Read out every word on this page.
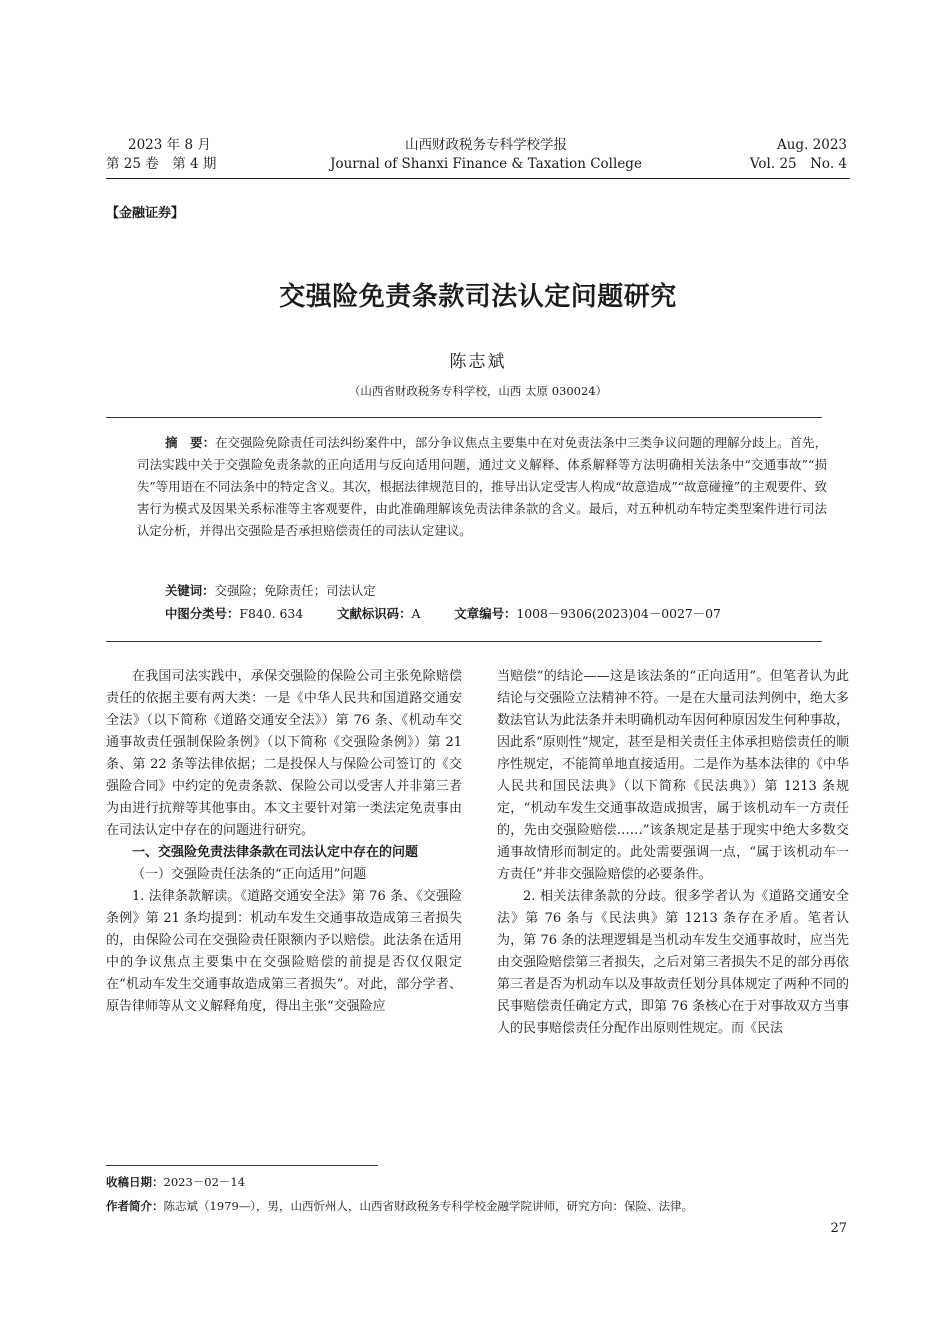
2023 年 8 月
第 25 卷　第 4 期
山西财政税务专科学校学报
Journal of Shanxi Finance & Taxation College
Aug. 2023
Vol. 25　No. 4
【金融证券】
交强险免责条款司法认定问题研究
陈志斌
（山西省财政税务专科学校，山西 太原 030024）
摘　要：在交强险免除责任司法纠纷案件中，部分争议焦点主要集中在对免责法条中三类争议问题的理解分歧上。首先，司法实践中关于交强险免责条款的正向适用与反向适用问题，通过文义解释、体系解释等方法明确相关法条中“交通事故”“损失”等用语在不同法条中的特定含义。其次，根据法律规范目的，推导出认定受害人构成“故意造成”“故意碰撞”的主观要件、致害行为模式及因果关系标准等主客观要件，由此准确理解该免责法律条款的含义。最后，对五种机动车特定类型案件进行司法认定分析，并得出交强险是否承担赔偿责任的司法认定建议。
关键词：交强险；免除责任；司法认定
中图分类号：F840. 634	文献标识码：A	文章编号：1008－9306(2023)04－0027－07

在我国司法实践中，承保交强险的保险公司主张免除赔偿责任的依据主要有两大类：一是《中华人民共和国道路交通安全法》（以下简称《道路交通安全法》）第 76 条、《机动车交通事故责任强制保险条例》（以下简称《交强险条例》）第 21 条、第 22 条等法律依据；二是投保人与保险公司签订的《交强险合同》中约定的免责条款、保险公司以受害人并非第三者为由进行抗辩等其他事由。本文主要针对第一类法定免责事由在司法认定中存在的问题进行研究。

一、交强险免责法律条款在司法认定中存在的问题
（一）交强险责任法条的“正向适用”问题

1. 法律条款解读。《道路交通安全法》第 76 条、《交强险条例》第 21 条均提到：机动车发生交通事故造成第三者损失的，由保险公司在交强险责任限额内予以赔偿。此法条在适用中的争议焦点主要集中在交强险赔偿的前提是否仅仅限定在“机动车发生交通事故造成第三者损失”。对此，部分学者、原告律师等从文义解释角度，得出主张“交强险应

当赔偿”的结论——这是该法条的“正向适用”。但笔者认为此结论与交强险立法精神不符。一是在大量司法判例中，绝大多数法官认为此法条并未明确机动车因何种原因发生何种事故，因此系“原则性”规定，甚至是相关责任主体承担赔偿责任的顺序性规定，不能简单地直接适用。二是作为基本法律的《中华人民共和国民法典》（以下简称《民法典》）第 1213 条规定，“机动车发生交通事故造成损害，属于该机动车一方责任的，先由交强险赔偿……”该条规定是基于现实中绝大多数交通事故情形而制定的。此处需要强调一点，“属于该机动车一方责任”并非交强险赔偿的必要条件。

2. 相关法律条款的分歧。很多学者认为《道路交通安全法》第 76 条与《民法典》第 1213 条存在矛盾。笔者认为，第 76 条的法理逻辑是当机动车发生交通事故时，应当先由交强险赔偿第三者损失，之后对第三者损失不足的部分再依第三者是否为机动车以及事故责任划分具体规定了两种不同的民事赔偿责任确定方式，即第 76 条核心在于对事故双方当事人的民事赔偿责任分配作出原则性规定。而《民法

收稿日期：2023－02－14
作者简介：陈志斌（1979—），男，山西忻州人，山西省财政税务专科学校金融学院讲师，研究方向：保险、法律。
27
